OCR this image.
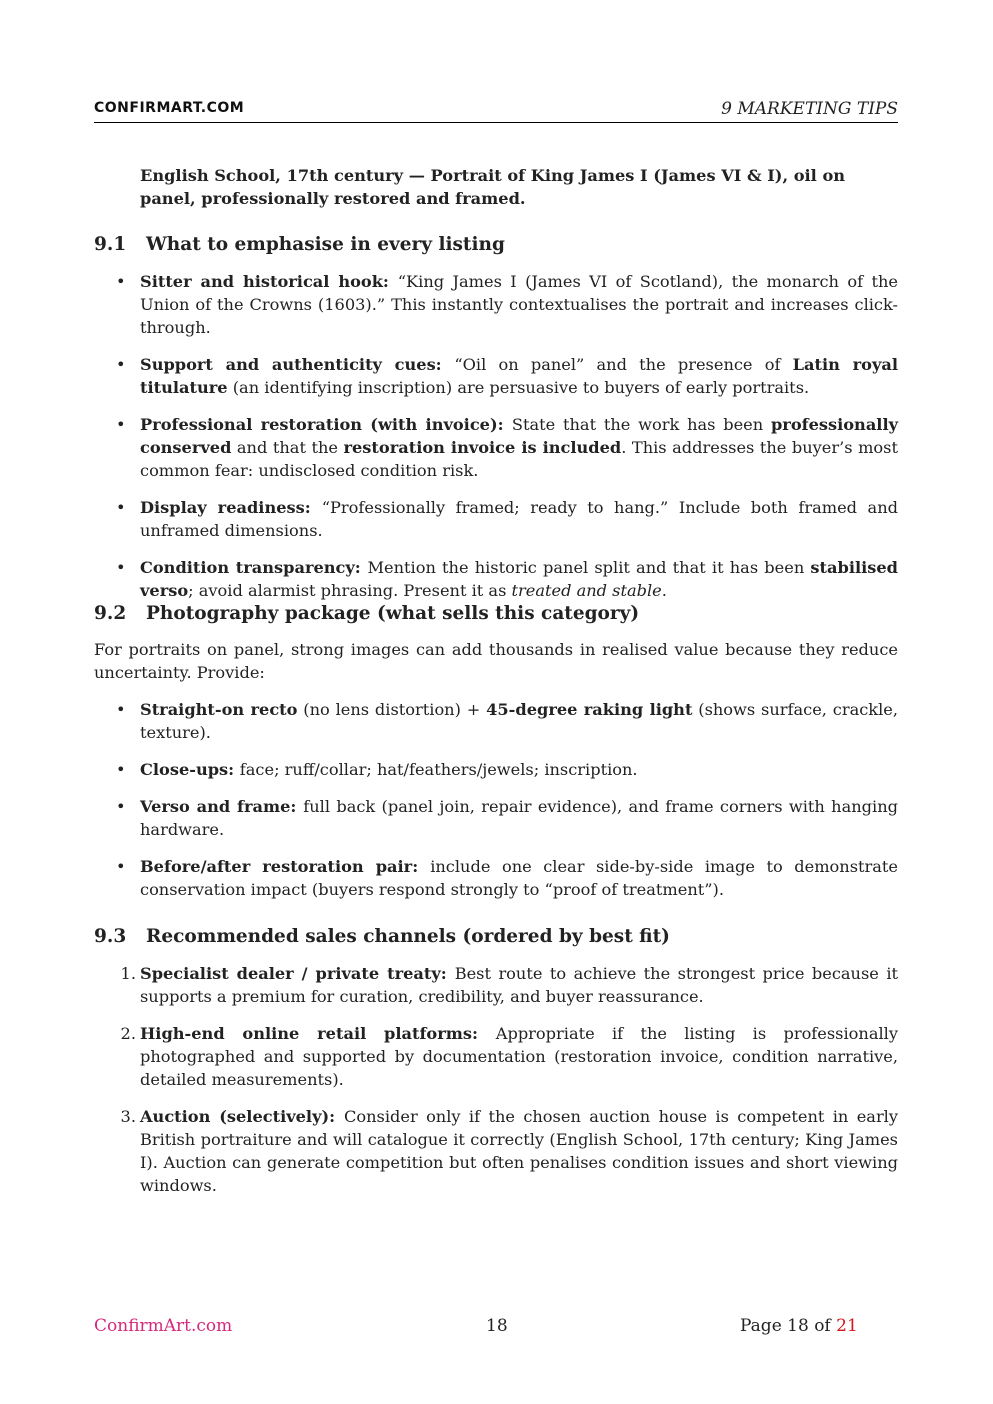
CONFIRMART.COM	9 MARKETING TIPS
English School, 17th century — Portrait of King James I (James VI & I), oil on panel, professionally restored and framed.
9.1 What to emphasise in every listing
• Sitter and historical hook: “King James I (James VI of Scotland), the monarch of the Union of the Crowns (1603).” This instantly contextualises the portrait and increases click-through.
• Support and authenticity cues: “Oil on panel” and the presence of Latin royal titulature (an identifying inscription) are persuasive to buyers of early portraits.
• Professional restoration (with invoice): State that the work has been professionally conserved and that the restoration invoice is included. This addresses the buyer’s most common fear: undisclosed condition risk.
• Display readiness: “Professionally framed; ready to hang.” Include both framed and unframed dimensions.
• Condition transparency: Mention the historic panel split and that it has been stabilised verso; avoid alarmist phrasing. Present it as treated and stable.
9.2 Photography package (what sells this category)

For portraits on panel, strong images can add thousands in realised value because they reduce uncertainty. Provide:

• Straight-on recto (no lens distortion) + 45-degree raking light (shows surface, crackle, texture).
• Close-ups: face; ruff/collar; hat/feathers/jewels; inscription.
• Verso and frame: full back (panel join, repair evidence), and frame corners with hanging hardware.
• Before/after restoration pair: include one clear side-by-side image to demonstrate conservation impact (buyers respond strongly to “proof of treatment”).
9.3 Recommended sales channels (ordered by best fit)
1. Specialist dealer / private treaty: Best route to achieve the strongest price because it supports a premium for curation, credibility, and buyer reassurance.
2. High-end online retail platforms: Appropriate if the listing is professionally photographed and supported by documentation (restoration invoice, condition narrative, detailed measurements).
3. Auction (selectively): Consider only if the chosen auction house is competent in early British portraiture and will catalogue it correctly (English School, 17th century; King James I). Auction can generate competition but often penalises condition issues and short viewing windows.
ConfirmArt.com	18	Page 18 of 21
